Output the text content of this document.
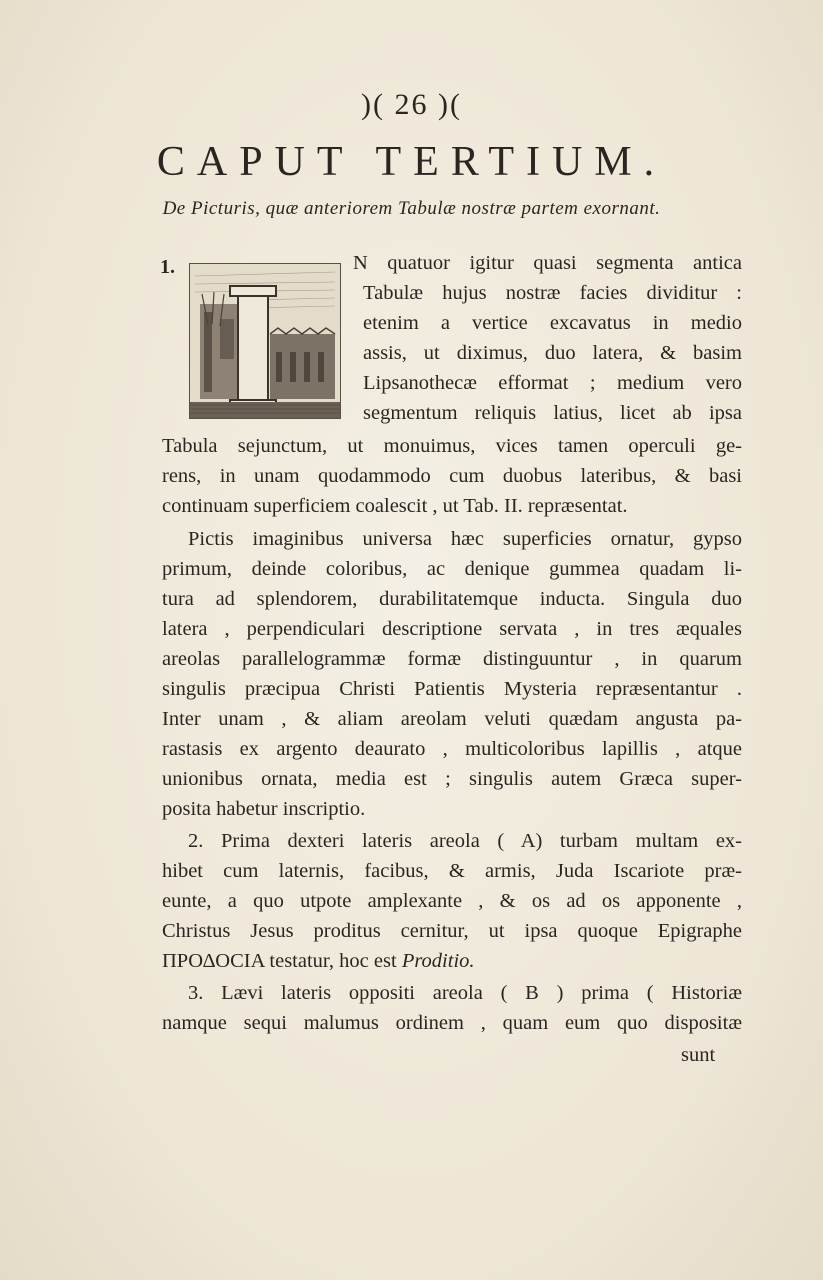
)( 26 )(
CAPUT TERTIUM.
De Picturis, quæ anteriorem Tabulæ nostræ partem exornant.
1.	N quatuor igitur quasi segmenta antica
Tabulæ hujus nostræ facies dividitur :
etenim a vertice excavatus in medio
assis, ut diximus, duo latera, & basim
Lipsanothecæ efformat ; medium vero
segmentum reliquis latius, licet ab ipsa
Tabula sejunctum, ut monuimus, vices tamen operculi ge-
rens, in unam quodammodo cum duobus lateribus, & basi
continuam superficiem coalescit , ut Tab. II. repræsentat.
Pictis imaginibus universa hæc superficies ornatur, gypso
primum, deinde coloribus, ac denique gummea quadam li-
tura ad splendorem, durabilitatemque inducta. Singula duo
latera , perpendiculari descriptione servata , in tres æquales
areolas parallelogrammæ formæ distinguuntur , in quarum
singulis præcipua Christi Patientis Mysteria repræsentantur .
Inter unam , & aliam areolam veluti quædam angusta pa-
rastasis ex argento deaurato , multicoloribus lapillis , atque
unionibus ornata, media est ; singulis autem Græca super-
posita habetur inscriptio.
2. Prima dexteri lateris areola ( A) turbam multam ex-
hibet cum laternis, facibus, & armis, Juda Iscariote præ-
eunte, a quo utpote amplexante , & os ad os apponente ,
Christus Jesus proditus cernitur, ut ipsa quoque Epigraphe
ΠΡΟΔΟCΙΑ testatur, hoc est Proditio.
3. Lævi lateris oppositi areola ( B ) prima ( Historiæ
namque sequi malumus ordinem , quam eum quo dispositæ
sunt
